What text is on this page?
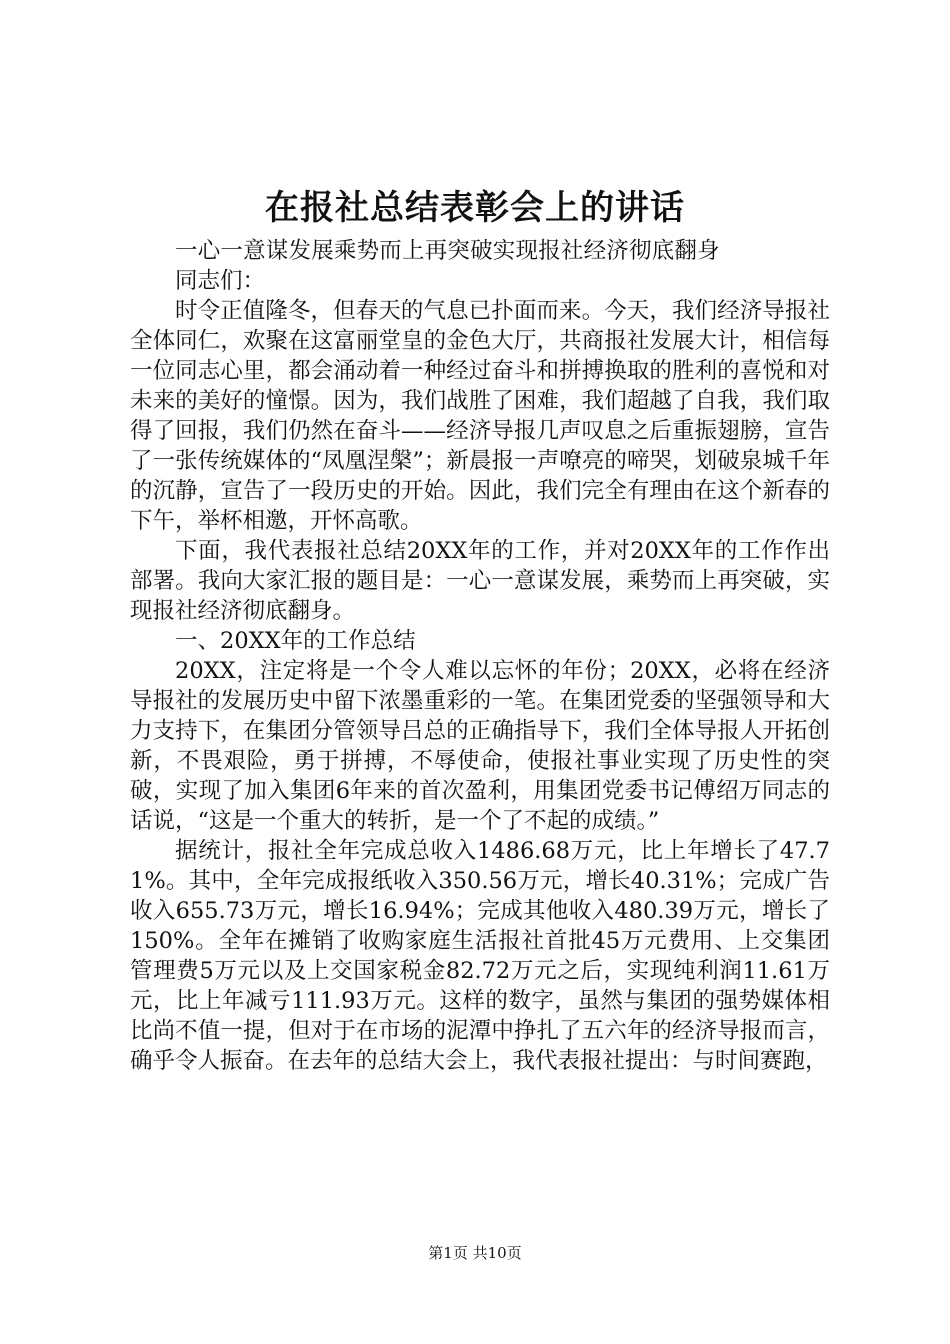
在报社总结表彰会上的讲话

一心一意谋发展乘势而上再突破实现报社经济彻底翻身

同志们：

时令正值隆冬，但春天的气息已扑面而来。今天，我们经济导报社全体同仁，欢聚在这富丽堂皇的金色大厅，共商报社发展大计，相信每一位同志心里，都会涌动着一种经过奋斗和拼搏换取的胜利的喜悦和对未来的美好的憧憬。因为，我们战胜了困难，我们超越了自我，我们取得了回报，我们仍然在奋斗——经济导报几声叹息之后重振翅膀，宣告了一张传统媒体的“凤凰涅槃”；新晨报一声嘹亮的啼哭，划破泉城千年的沉静，宣告了一段历史的开始。因此，我们完全有理由在这个新春的下午，举杯相邀，开怀高歌。

下面，我代表报社总结20XX年的工作，并对20XX年的工作作出部署。我向大家汇报的题目是：一心一意谋发展，乘势而上再突破，实现报社经济彻底翻身。

一、20XX年的工作总结

20XX，注定将是一个令人难以忘怀的年份；20XX，必将在经济导报社的发展历史中留下浓墨重彩的一笔。在集团党委的坚强领导和大力支持下，在集团分管领导吕总的正确指导下，我们全体导报人开拓创新，不畏艰险，勇于拼搏，不辱使命，使报社事业实现了历史性的突破，实现了加入集团6年来的首次盈利，用集团党委书记傅绍万同志的话说，“这是一个重大的转折，是一个了不起的成绩。”

据统计，报社全年完成总收入1486.68万元，比上年增长了47.71%。其中，全年完成报纸收入350.56万元，增长40.31%；完成广告收入655.73万元，增长16.94%；完成其他收入480.39万元，增长了150%。全年在摊销了收购家庭生活报社首批45万元费用、上交集团管理费5万元以及上交国家税金82.72万元之后，实现纯利润11.61万元，比上年减亏111.93万元。这样的数字，虽然与集团的强势媒体相比尚不值一提，但对于在市场的泥潭中挣扎了五六年的经济导报而言，确乎令人振奋。在去年的总结大会上，我代表报社提出：与时间赛跑，

第1页 共10页
